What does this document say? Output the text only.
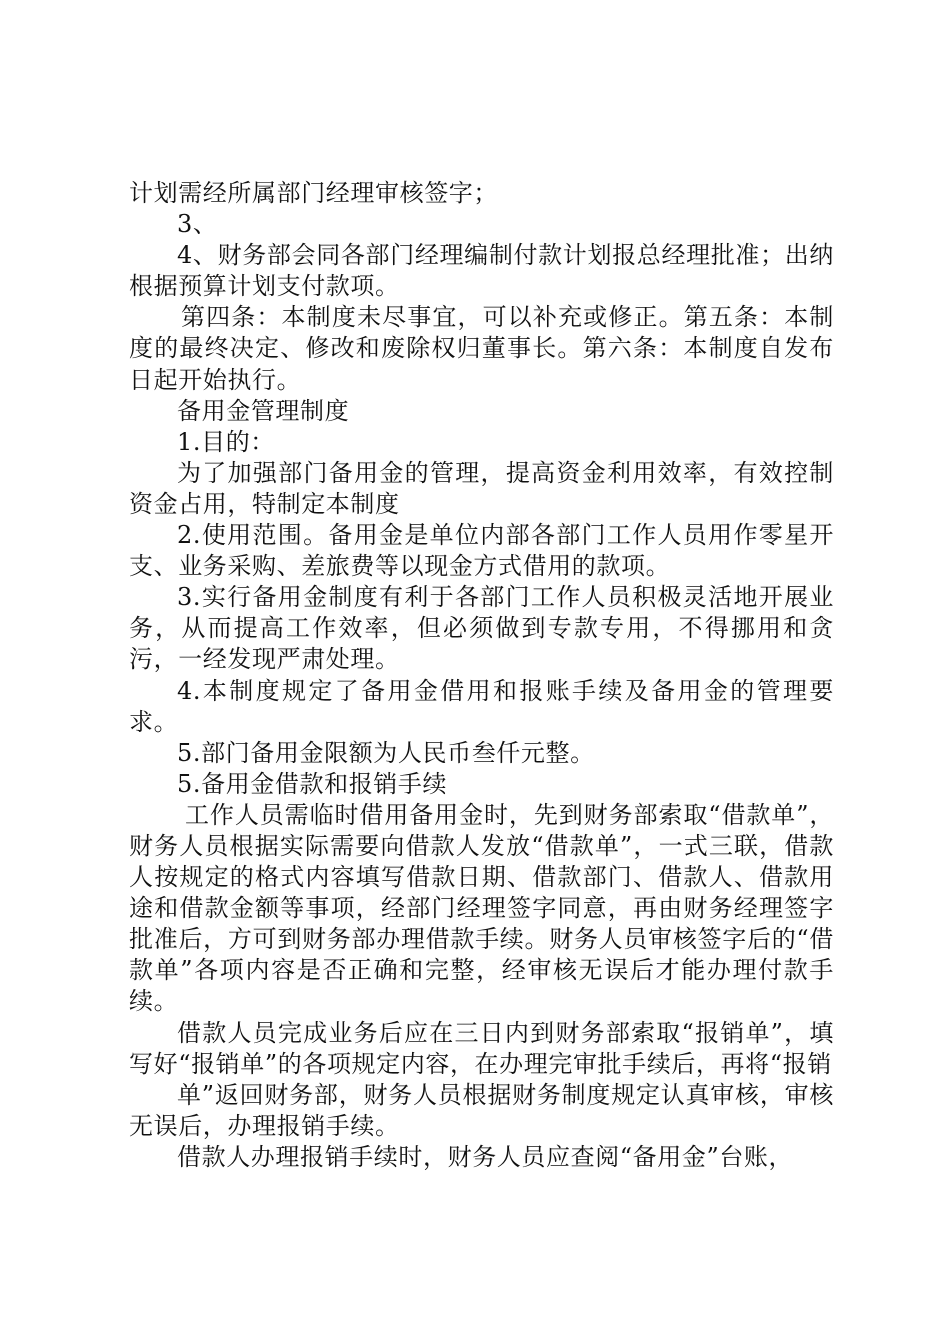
计划需经所属部门经理审核签字；

3、

4、财务部会同各部门经理编制付款计划报总经理批准；出纳根据预算计划支付款项。

第四条：本制度未尽事宜，可以补充或修正。第五条：本制度的最终决定、修改和废除权归董事长。第六条：本制度自发布日起开始执行。

备用金管理制度

1.目的：

为了加强部门备用金的管理，提高资金利用效率，有效控制资金占用，特制定本制度

2.使用范围。备用金是单位内部各部门工作人员用作零星开支、业务采购、差旅费等以现金方式借用的款项。

3.实行备用金制度有利于各部门工作人员积极灵活地开展业务，从而提高工作效率，但必须做到专款专用，不得挪用和贪污，一经发现严肃处理。

4.本制度规定了备用金借用和报账手续及备用金的管理要求。

5.部门备用金限额为人民币叁仟元整。

5.备用金借款和报销手续

工作人员需临时借用备用金时，先到财务部索取“借款单”，财务人员根据实际需要向借款人发放“借款单”，一式三联，借款人按规定的格式内容填写借款日期、借款部门、借款人、借款用途和借款金额等事项，经部门经理签字同意，再由财务经理签字批准后，方可到财务部办理借款手续。财务人员审核签字后的“借款单”各项内容是否正确和完整，经审核无误后才能办理付款手续。

借款人员完成业务后应在三日内到财务部索取“报销单”，填写好“报销单”的各项规定内容，在办理完审批手续后，再将“报销

单”返回财务部，财务人员根据财务制度规定认真审核，审核无误后，办理报销手续。

借款人办理报销手续时，财务人员应查阅“备用金”台账，
